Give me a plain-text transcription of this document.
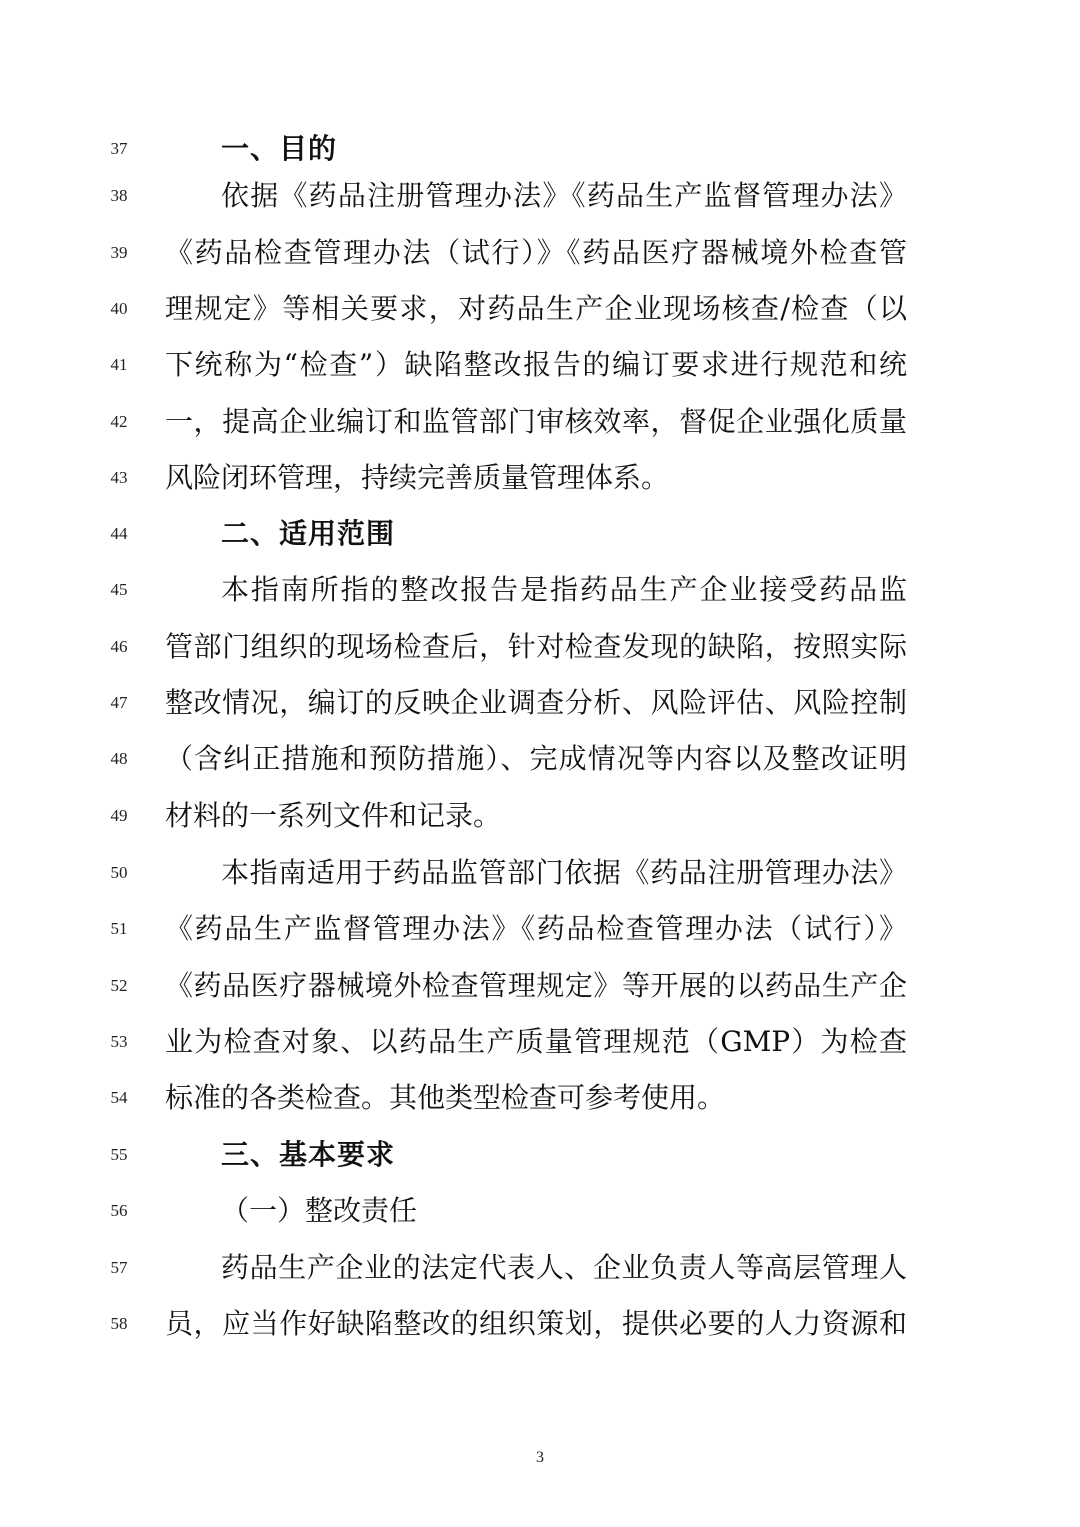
37	一、目的
38	依据《药品注册管理办法》《药品生产监督管理办法》
39	《药品检查管理办法（试行）》《药品医疗器械境外检查管
40	理规定》等相关要求，对药品生产企业现场核查/检查（以
41	下统称为“检查”）缺陷整改报告的编订要求进行规范和统
42	一，提高企业编订和监管部门审核效率，督促企业强化质量
43	风险闭环管理，持续完善质量管理体系。
44	二、适用范围
45	本指南所指的整改报告是指药品生产企业接受药品监
46	管部门组织的现场检查后，针对检查发现的缺陷，按照实际
47	整改情况，编订的反映企业调查分析、风险评估、风险控制
48	（含纠正措施和预防措施）、完成情况等内容以及整改证明
49	材料的一系列文件和记录。
50	本指南适用于药品监管部门依据《药品注册管理办法》
51	《药品生产监督管理办法》《药品检查管理办法（试行）》
52	《药品医疗器械境外检查管理规定》等开展的以药品生产企
53	业为检查对象、以药品生产质量管理规范（GMP）为检查
54	标准的各类检查。其他类型检查可参考使用。
55	三、基本要求
56	（一）整改责任
57	药品生产企业的法定代表人、企业负责人等高层管理人
58	员，应当作好缺陷整改的组织策划，提供必要的人力资源和
3
